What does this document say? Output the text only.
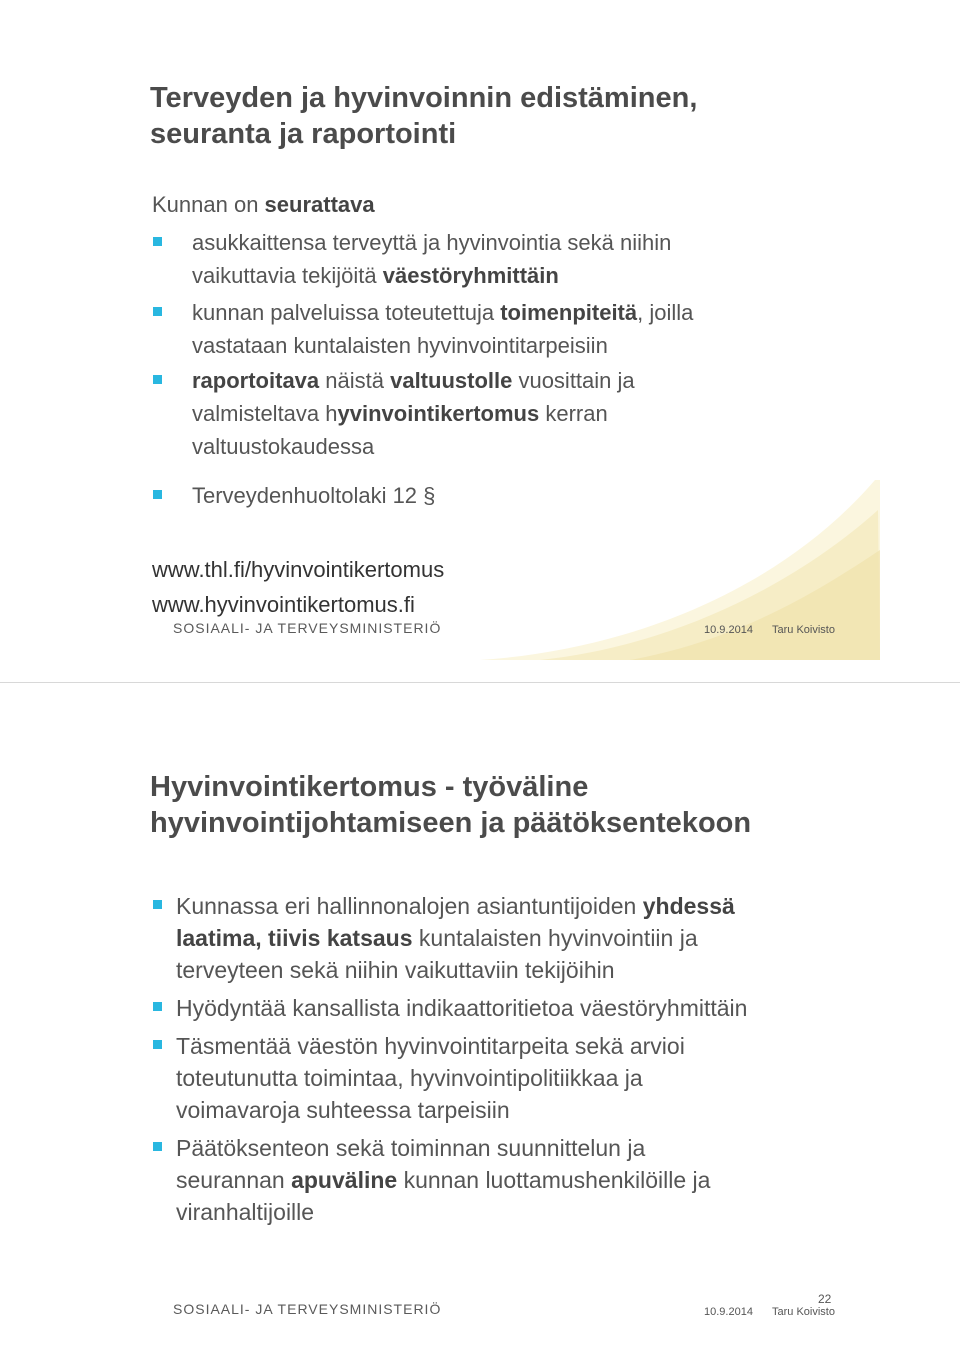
Terveyden ja hyvinvoinnin edistäminen,
seuranta ja raportointi
Kunnan on seurattava
asukkaittensa terveyttä ja hyvinvointia sekä niihin
vaikuttavia tekijöitä väestöryhmittäin
kunnan palveluissa toteutettuja toimenpiteitä, joilla
vastataan kuntalaisten hyvinvointitarpeisiin
raportoitava näistä valtuustolle vuosittain ja
valmisteltava hyvinvointikertomus kerran
valtuustokaudessa
Terveydenhuoltolaki 12 §
www.thl.fi/hyvinvointikertomus
www.hyvinvointikertomus.fi
SOSIAALI- JA TERVEYSMINISTERIÖ	10.9.2014 Taru Koivisto
Hyvinvointikertomus - työväline
hyvinvointijohtamiseen ja päätöksentekoon
Kunnassa eri hallinnonalojen asiantuntijoiden yhdessä
laatima, tiivis katsaus kuntalaisten hyvinvointiin ja
terveyteen sekä niihin vaikuttaviin tekijöihin
Hyödyntää kansallista indikaattoritietoa väestöryhmittäin
Täsmentää väestön hyvinvointitarpeita sekä arvioi
toteutunutta toimintaa, hyvinvointipolitiikkaa ja
voimavaroja suhteessa tarpeisiin
Päätöksenteon sekä toiminnan suunnittelun ja
seurannan apuväline kunnan luottamushenkilöille ja
viranhaltijoille
SOSIAALI- JA TERVEYSMINISTERIÖ
22
10.9.2014 Taru Koivisto
